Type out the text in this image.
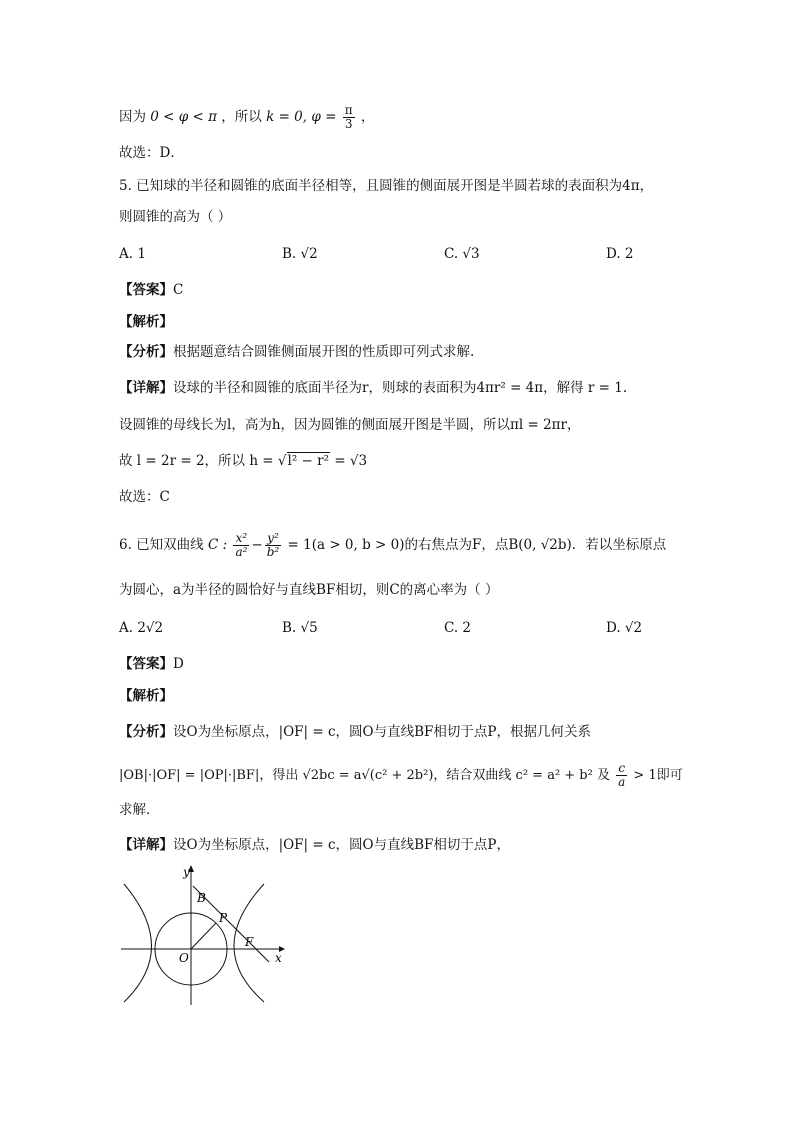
因为 0 < φ < π ，所以 k = 0, $\varphi = \frac{\pi}{3}$ ，
故选：D．
5. 已知球的半径和圆锥的底面半径相等，且圆锥的侧面展开图是半圆若球的表面积为4π，
则圆锥的高为（ ）
A. 1	B. √2	C. √3	D. 2
【答案】C
【解析】
【分析】根据题意结合圆锥侧面展开图的性质即可列式求解.
【详解】设球的半径和圆锥的底面半径为r，则球的表面积为4πr² = 4π，解得 r = 1.
设圆锥的母线长为l，高为h，因为圆锥的侧面展开图是半圆，所以πl = 2πr，
故 l = 2r = 2，所以 h = √l² − r² = √3
故选：C
6. 已知双曲线 C : $\frac{\text{x²}}{\text{a²}} - \frac{\text{y²}}{\text{b²}} = 1(a > 0$, b > 0)的右焦点为F，点B(0, √2b)．若以坐标原点
为圆心，a为半径的圆恰好与直线BF相切，则C的离心率为（ ）
A. 2√2	B. √5	C. 2	D. √2
【答案】D
【解析】
【分析】设O为坐标原点，|OF| = c，圆O与直线BF相切于点P，根据几何关系
|OB|·|OF| = |OP|·|BF|，得出 √2bc = a√(c² + 2b²)，结合双曲线 c² = a² + b² 及 $\frac{c}{a} > 1$即可
求解．
【详解】设O为坐标原点，|OF| = c，圆O与直线BF相切于点P，
y
x
B
P
F
O
